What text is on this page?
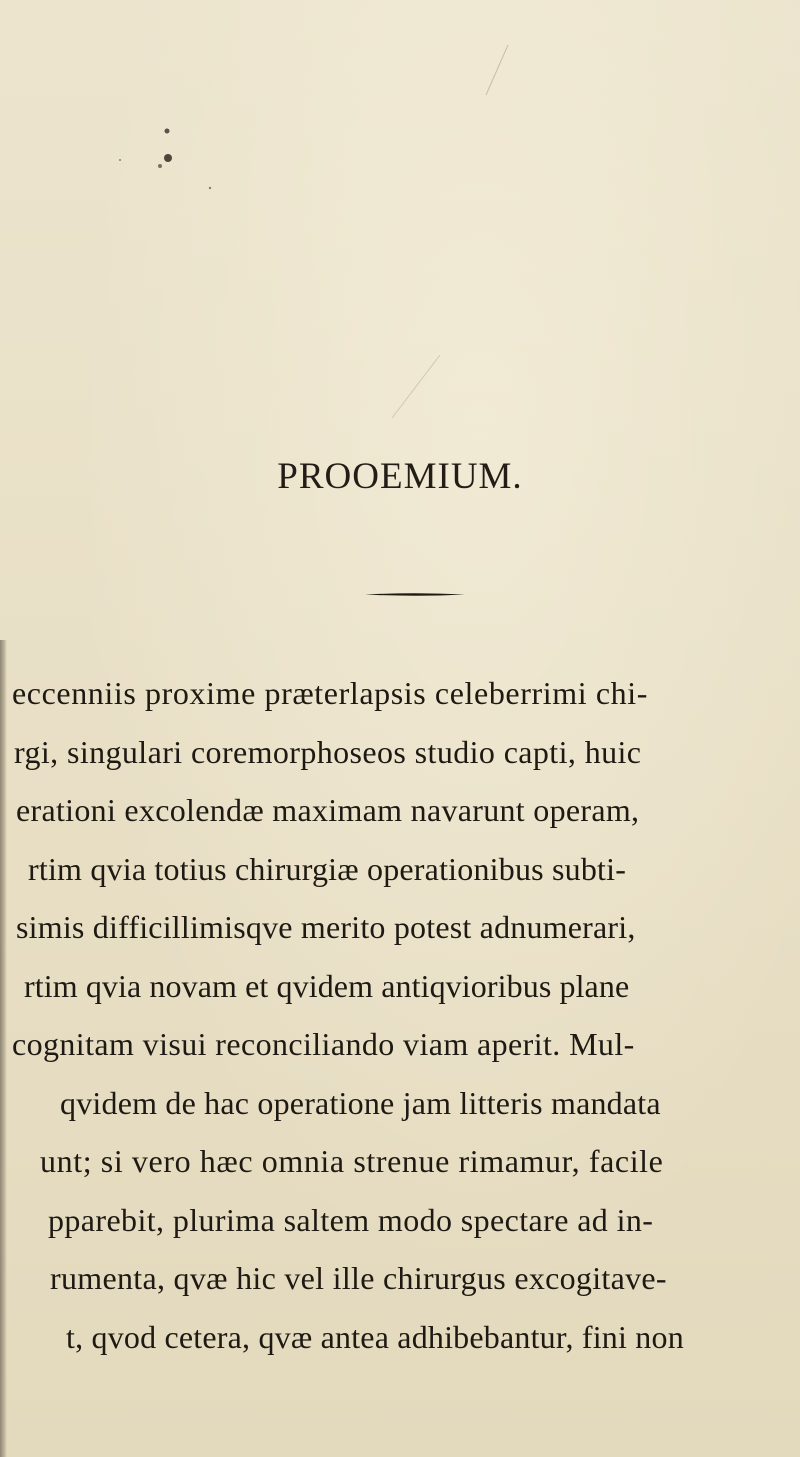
PROOEMIUM.
eccenniis proxime præterlapsis celeberrimi chi-
rgi, singulari coremorphoseos studio capti, huic
erationi excolendæ maximam navarunt operam,
rtim qvia totius chirurgiæ operationibus subti-
simis difficillimisqve merito potest adnumerari,
rtim qvia novam et qvidem antiqvioribus plane
cognitam visui reconciliando viam aperit. Mul-
qvidem de hac operatione jam litteris mandata
unt; si vero hæc omnia strenue rimamur, facile
pparebit, plurima saltem modo spectare ad in-
rumenta, qvæ hic vel ille chirurgus excogitave-
t, qvod cetera, qvæ antea adhibebantur, fini non
